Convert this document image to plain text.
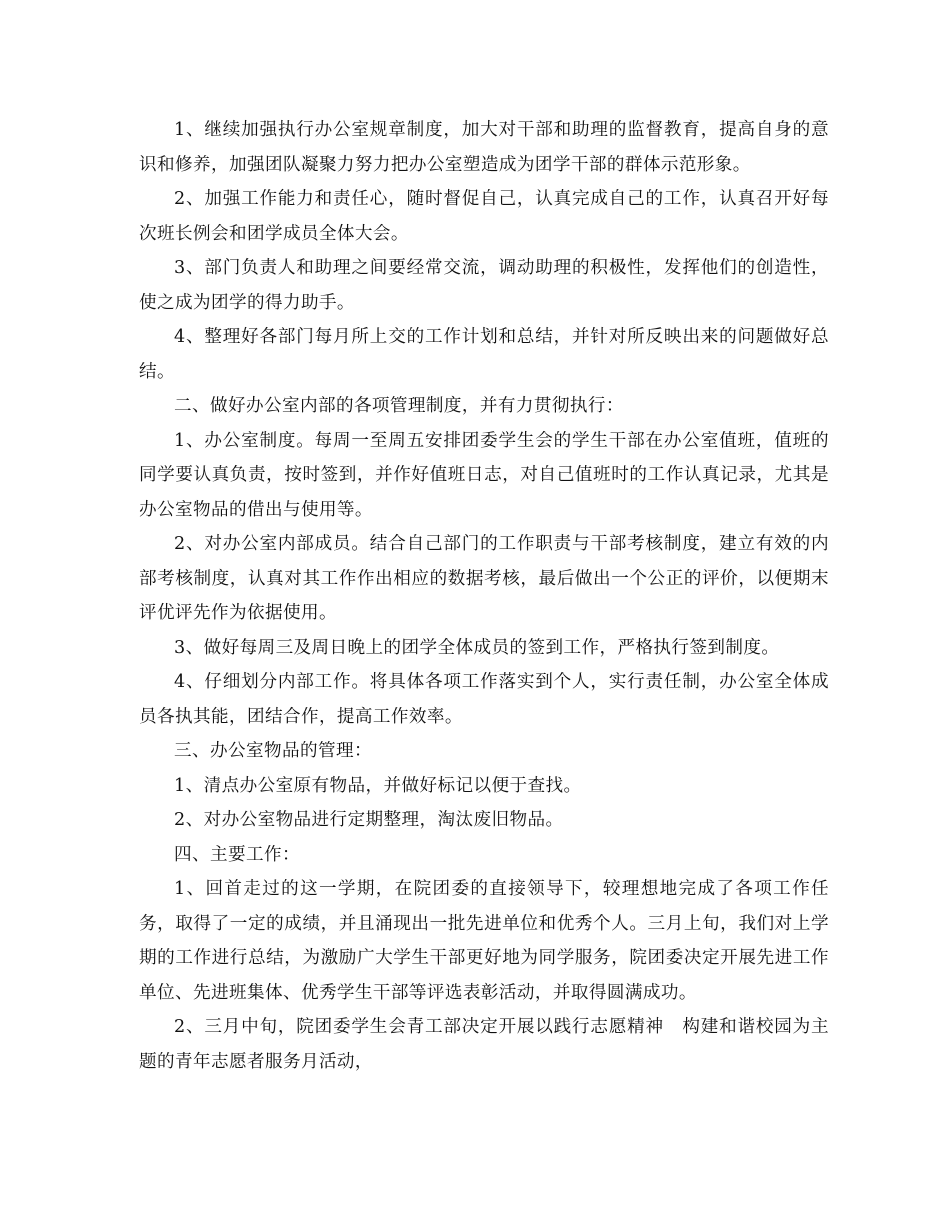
1、继续加强执行办公室规章制度，加大对干部和助理的监督教育，提高自身的意识和修养，加强团队凝聚力努力把办公室塑造成为团学干部的群体示范形象。

2、加强工作能力和责任心，随时督促自己，认真完成自己的工作，认真召开好每次班长例会和团学成员全体大会。

3、部门负责人和助理之间要经常交流，调动助理的积极性，发挥他们的创造性，使之成为团学的得力助手。

4、整理好各部门每月所上交的工作计划和总结，并针对所反映出来的问题做好总结。

二、做好办公室内部的各项管理制度，并有力贯彻执行：

1、办公室制度。每周一至周五安排团委学生会的学生干部在办公室值班，值班的同学要认真负责，按时签到，并作好值班日志，对自己值班时的工作认真记录，尤其是办公室物品的借出与使用等。

2、对办公室内部成员。结合自己部门的工作职责与干部考核制度，建立有效的内部考核制度，认真对其工作作出相应的数据考核，最后做出一个公正的评价，以便期末评优评先作为依据使用。

3、做好每周三及周日晚上的团学全体成员的签到工作，严格执行签到制度。

4、仔细划分内部工作。将具体各项工作落实到个人，实行责任制，办公室全体成员各执其能，团结合作，提高工作效率。

三、办公室物品的管理：

1、清点办公室原有物品，并做好标记以便于查找。

2、对办公室物品进行定期整理，淘汰废旧物品。

四、主要工作：

1、回首走过的这一学期，在院团委的直接领导下，较理想地完成了各项工作任务，取得了一定的成绩，并且涌现出一批先进单位和优秀个人。三月上旬，我们对上学期的工作进行总结，为激励广大学生干部更好地为同学服务，院团委决定开展先进工作单位、先进班集体、优秀学生干部等评选表彰活动，并取得圆满成功。

2、三月中旬，院团委学生会青工部决定开展以践行志愿精神　构建和谐校园为主题的青年志愿者服务月活动，
